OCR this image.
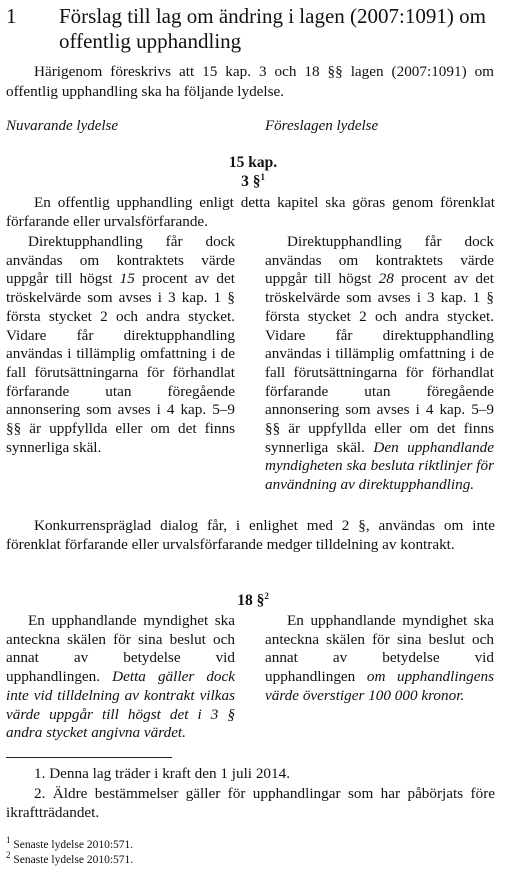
1 Förslag till lag om ändring i lagen (2007:1091) om offentlig upphandling

Härigenom föreskrivs att 15 kap. 3 och 18 §§ lagen (2007:1091) om offentlig upphandling ska ha följande lydelse.

Nuvarande lydelse	Föreslagen lydelse
15 kap.
3 §$^1$

En offentlig upphandling enligt detta kapitel ska göras genom förenklat förfarande eller urvalsförfarande.

Direktupphandling får dock användas om kontraktets värde uppgår till högst 15 procent av det tröskelvärde som avses i 3 kap. 1 § första stycket 2 och andra stycket. Vidare får direktupphandling användas i tillämplig omfattning i de fall förutsättningarna för förhandlat förfarande utan föregående annonsering som avses i 4 kap. 5–9 §§ är uppfyllda eller om det finns synnerliga skäl.

Direktupphandling får dock användas om kontraktets värde uppgår till högst 28 procent av det tröskelvärde som avses i 3 kap. 1 § första stycket 2 och andra stycket. Vidare får direktupphandling användas i tillämplig omfattning i de fall förutsättningarna för förhandlat förfarande utan föregående annonsering som avses i 4 kap. 5–9 §§ är uppfyllda eller om det finns synnerliga skäl. Den upphandlande myndigheten ska besluta riktlinjer för användning av direktupphandling.

Konkurrenspräglad dialog får, i enlighet med 2 §, användas om inte förenklat förfarande eller urvalsförfarande medger tilldelning av kontrakt.

18 §$^2$

En upphandlande myndighet ska anteckna skälen för sina beslut och annat av betydelse vid upphandlingen. Detta gäller dock inte vid tilldelning av kontrakt vilkas värde uppgår till högst det i 3 § andra stycket angivna värdet.

En upphandlande myndighet ska anteckna skälen för sina beslut och annat av betydelse vid upphandlingen om upphandlingens värde överstiger 100 000 kronor.

1. Denna lag träder i kraft den 1 juli 2014.

2. Äldre bestämmelser gäller för upphandlingar som har påbörjats före ikraftträdandet.

$^1$ Senaste lydelse 2010:571.
$^2$ Senaste lydelse 2010:571.
